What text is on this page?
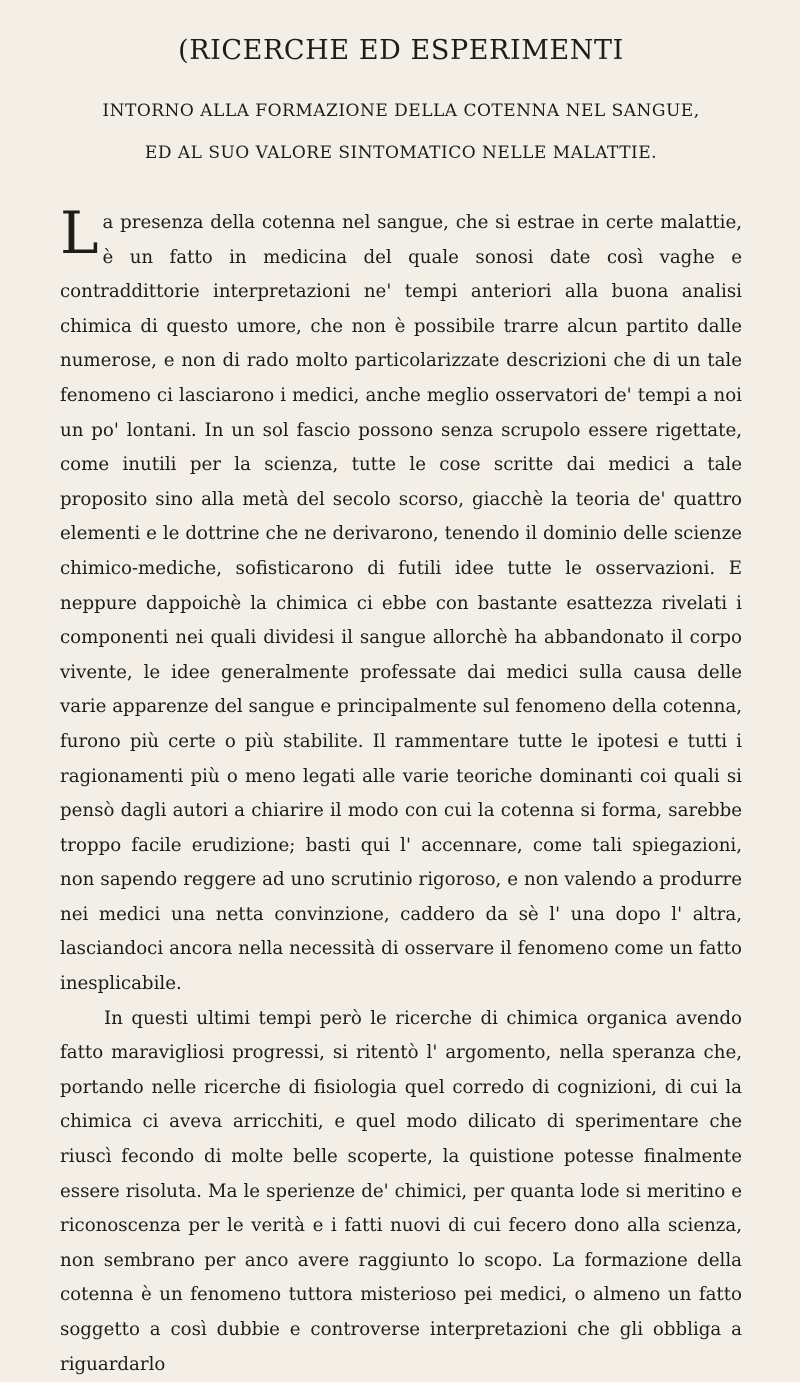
(RICERCHE ED ESPERIMENTI
INTORNO ALLA FORMAZIONE DELLA COTENNA NEL SANGUE,
ED AL SUO VALORE SINTOMATICO NELLE MALATTIE.

La presenza della cotenna nel sangue, che si estrae in certe malattie, è un fatto in medicina del quale sonosi date così vaghe e contraddittorie interpretazioni ne' tempi anteriori alla buona analisi chimica di questo umore, che non è possibile trarre alcun partito dalle numerose, e non di rado molto particolarizzate descrizioni che di un tale fenomeno ci lasciarono i medici, anche meglio osservatori de' tempi a noi un po' lontani. In un sol fascio possono senza scrupolo essere rigettate, come inutili per la scienza, tutte le cose scritte dai medici a tale proposito sino alla metà del secolo scorso, giacchè la teoria de' quattro elementi e le dottrine che ne derivarono, tenendo il dominio delle scienze chimico-mediche, sofisticarono di futili idee tutte le osservazioni. E neppure dappoichè la chimica ci ebbe con bastante esattezza rivelati i componenti nei quali dividesi il sangue allorchè ha abbandonato il corpo vivente, le idee generalmente professate dai medici sulla causa delle varie apparenze del sangue e principalmente sul fenomeno della cotenna, furono più certe o più stabilite. Il rammentare tutte le ipotesi e tutti i ragionamenti più o meno legati alle varie teoriche dominanti coi quali si pensò dagli autori a chiarire il modo con cui la cotenna si forma, sarebbe troppo facile erudizione; basti qui l' accennare, come tali spiegazioni, non sapendo reggere ad uno scrutinio rigoroso, e non valendo a produrre nei medici una netta convinzione, caddero da sè l' una dopo l' altra, lasciandoci ancora nella necessità di osservare il fenomeno come un fatto inesplicabile.

In questi ultimi tempi però le ricerche di chimica organica avendo fatto maravigliosi progressi, si ritentò l' argomento, nella speranza che, portando nelle ricerche di fisiologia quel corredo di cognizioni, di cui la chimica ci aveva arricchiti, e quel modo dilicato di sperimentare che riuscì fecondo di molte belle scoperte, la quistione potesse finalmente essere risoluta. Ma le sperienze de' chimici, per quanta lode si meritino e riconoscenza per le verità e i fatti nuovi di cui fecero dono alla scienza, non sembrano per anco avere raggiunto lo scopo. La formazione della cotenna è un fenomeno tuttora misterioso pei medici, o almeno un fatto soggetto a così dubbie e controverse interpretazioni che gli obbliga a riguardarlo
